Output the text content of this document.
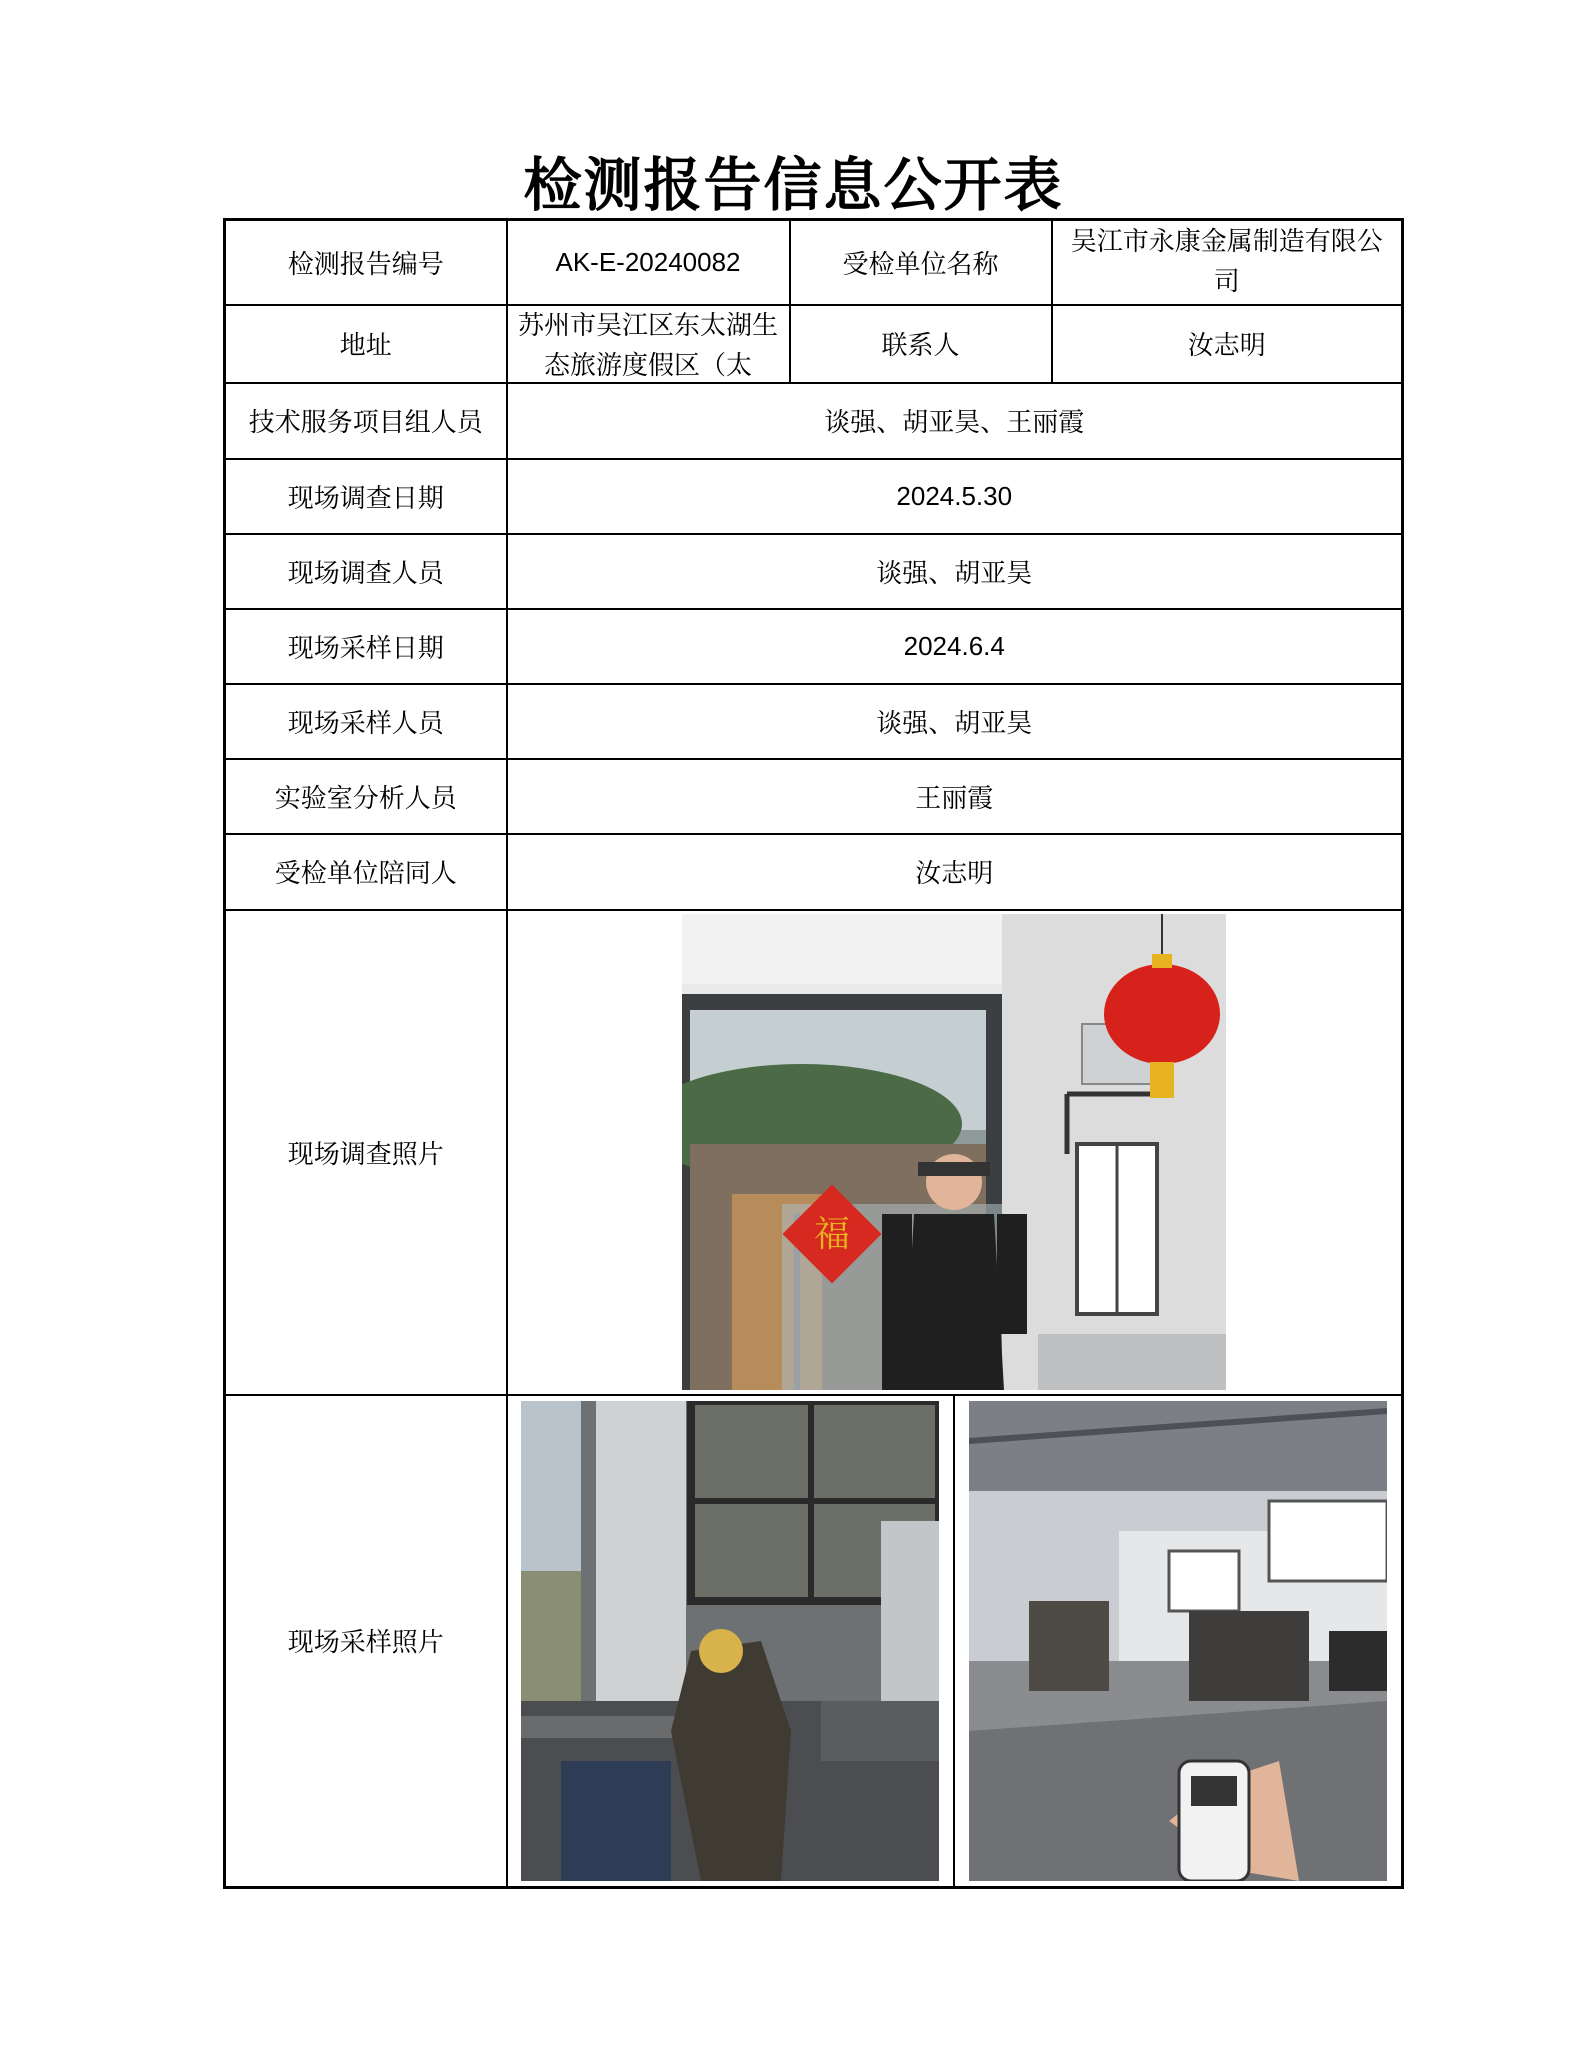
检测报告信息公开表
检测报告编号	AK-E-20240082	受检单位名称	吴江市永康金属制造有限公司

地址	苏州市吴江区东太湖生态旅游度假区（太	联系人	汝志明
技术服务项目组人员	谈强、胡亚昊、王丽霞		
现场调查日期	2024.5.30		
现场调查人员	谈强、胡亚昊		
现场采样日期	2024.6.4		
现场采样人员	谈强、胡亚昊		
实验室分析人员	王丽霞		
受检单位陪同人	汝志明		
现场调查照片	福		

现场采样照片	
